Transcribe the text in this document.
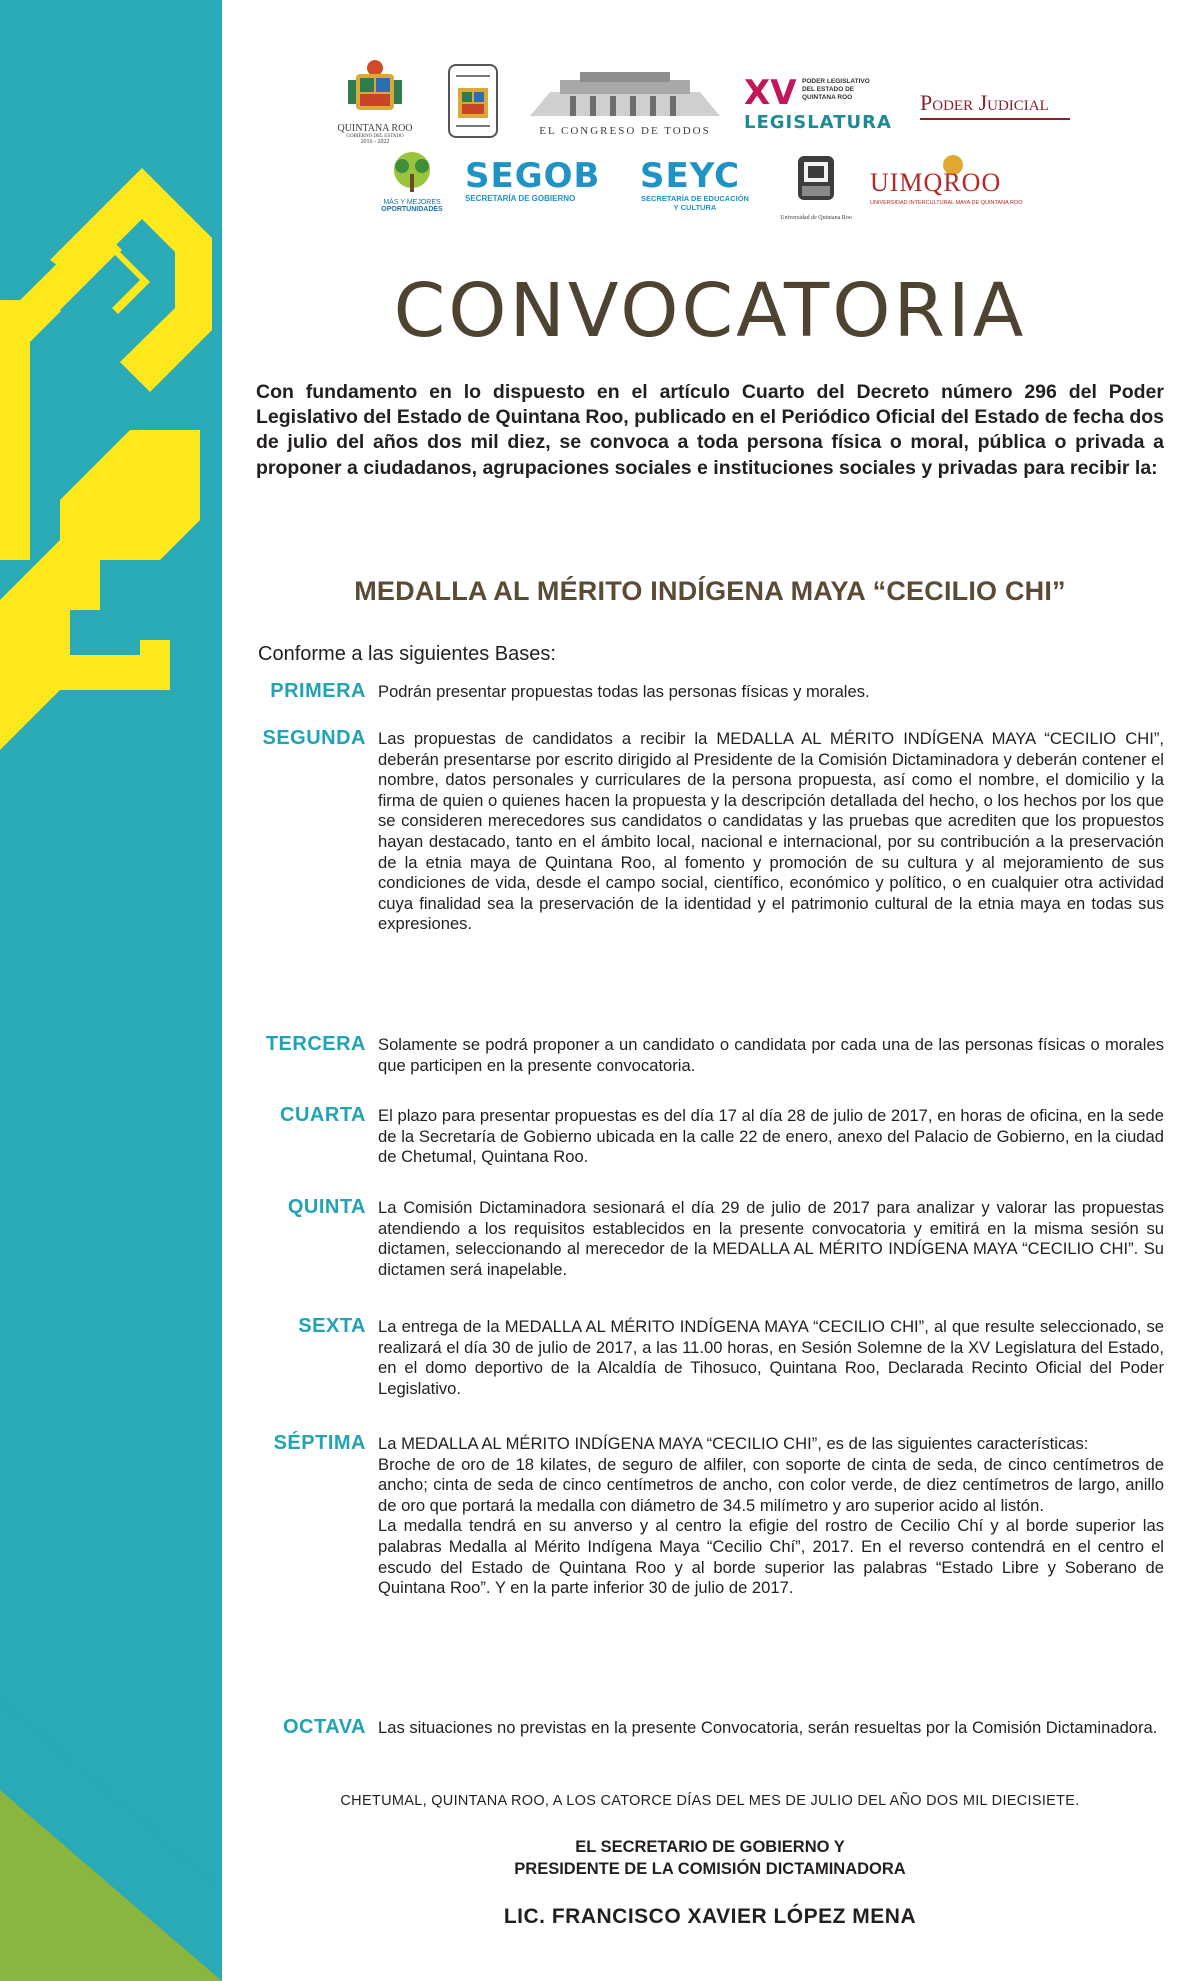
QUINTANA ROO
GOBIERNO DEL ESTADO
2016 - 2022
EL CONGRESO DE TODOS
XV PODER LEGISLATIVO
DEL ESTADO DE
QUINTANA ROO
LEGISLATURA
Poder Judicial
MÁS Y MEJORES
OPORTUNIDADES
SEGOB
SECRETARÍA DE GOBIERNO
SEYC
SECRETARÍA DE EDUCACIÓN
Y CULTURA
Universidad de Quintana Roo
UIMQROO
UNIVERSIDAD INTERCULTURAL MAYA DE QUINTANA ROO
CONVOCATORIA
Con fundamento en lo dispuesto en el artículo Cuarto del Decreto número 296 del Poder Legislativo del Estado de Quintana Roo, publicado en el Periódico Oficial del Estado de fecha dos de julio del años dos mil diez, se convoca a toda persona física o moral, pública o privada a proponer a ciudadanos, agrupaciones sociales e instituciones sociales y privadas para recibir la:
MEDALLA AL MÉRITO INDÍGENA MAYA “CECILIO CHI”
Conforme a las siguientes Bases:
PRIMERA Podrán presentar propuestas todas las personas físicas y morales.

SEGUNDA Las propuestas de candidatos a recibir la MEDALLA AL MÉRITO INDÍGENA MAYA “CECILIO CHI”, deberán presentarse por escrito dirigido al Presidente de la Comisión Dictaminadora y deberán contener el nombre, datos personales y curriculares de la persona propuesta, así como el nombre, el domicilio y la firma de quien o quienes hacen la propuesta y la descripción detallada del hecho, o los hechos por los que se consideren merecedores sus candidatos o candidatas y las pruebas que acrediten que los propuestos hayan destacado, tanto en el ámbito local, nacional e internacional, por su contribución a la preservación de la etnia maya de Quintana Roo, al fomento y promoción de su cultura y al mejoramiento de sus condiciones de vida, desde el campo social, científico, económico y político, o en cualquier otra actividad cuya finalidad sea la preservación de la identidad y el patrimonio cultural de la etnia maya en todas sus expresiones.

TERCERA Solamente se podrá proponer a un candidato o candidata por cada una de las personas físicas o morales que participen en la presente convocatoria.

CUARTA El plazo para presentar propuestas es del día 17 al día 28 de julio de 2017, en horas de oficina, en la sede de la Secretaría de Gobierno ubicada en la calle 22 de enero, anexo del Palacio de Gobierno, en la ciudad de Chetumal, Quintana Roo.

QUINTA La Comisión Dictaminadora sesionará el día 29 de julio de 2017 para analizar y valorar las propuestas atendiendo a los requisitos establecidos en la presente convocatoria y emitirá en la misma sesión su dictamen, seleccionando al merecedor de la MEDALLA AL MÉRITO INDÍGENA MAYA “CECILIO CHI”. Su dictamen será inapelable.

SEXTA La entrega de la MEDALLA AL MÉRITO INDÍGENA MAYA “CECILIO CHI”, al que resulte seleccionado, se realizará el día 30 de julio de 2017, a las 11.00 horas, en Sesión Solemne de la XV Legislatura del Estado, en el domo deportivo de la Alcaldía de Tihosuco, Quintana Roo, Declarada Recinto Oficial del Poder Legislativo.

SÉPTIMA La MEDALLA AL MÉRITO INDÍGENA MAYA “CECILIO CHI”, es de las siguientes características:

Broche de oro de 18 kilates, de seguro de alfiler, con soporte de cinta de seda, de cinco centímetros de ancho; cinta de seda de cinco centímetros de ancho, con color verde, de diez centímetros de largo, anillo de oro que portará la medalla con diámetro de 34.5 milímetro y aro superior acido al listón.

La medalla tendrá en su anverso y al centro la efigie del rostro de Cecilio Chí y al borde superior las palabras Medalla al Mérito Indígena Maya “Cecilio Chí”, 2017. En el reverso contendrá en el centro el escudo del Estado de Quintana Roo y al borde superior las palabras “Estado Libre y Soberano de Quintana Roo”. Y en la parte inferior 30 de julio de 2017.

OCTAVA Las situaciones no previstas en la presente Convocatoria, serán resueltas por la Comisión Dictaminadora.

CHETUMAL, QUINTANA ROO, A LOS CATORCE DÍAS DEL MES DE JULIO DEL AÑO DOS MIL DIECISIETE.
EL SECRETARIO DE GOBIERNO Y
PRESIDENTE DE LA COMISIÓN DICTAMINADORA
LIC. FRANCISCO XAVIER LÓPEZ MENA
